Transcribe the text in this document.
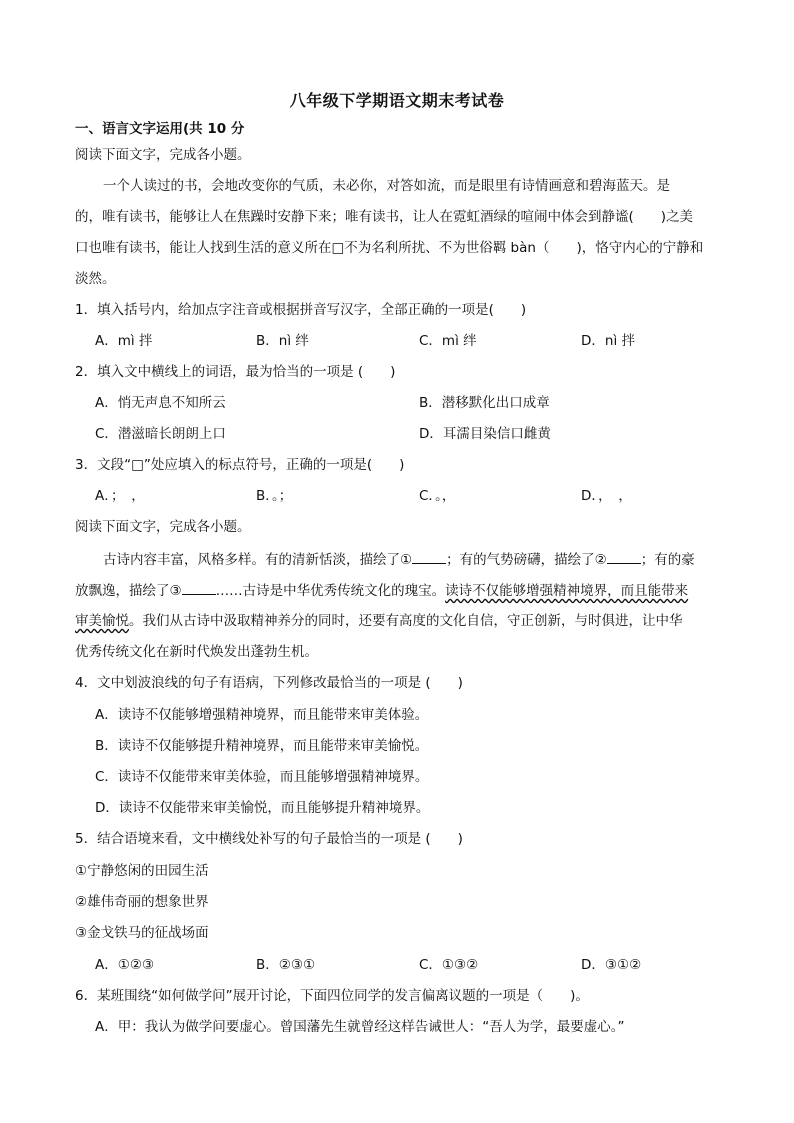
八年级下学期语文期末考试卷
一、语言文字运用(共 10 分
阅读下面文字，完成各小题。
一个人读过的书，会地改变你的气质，未必你，对答如流，而是眼里有诗情画意和碧海蓝天。是
的，唯有读书，能够让人在焦躁时安静下来；唯有读书，让人在霓虹酒绿的喧闹中体会到静谧(　　)之美
口也唯有读书，能让人找到生活的意义所在□不为名利所扰、不为世俗羁 bàn（　　)，恪守内心的宁静和
淡然。
1．填入括号内，给加点字注音或根据拼音写汉字，全部正确的一项是(　　)
A．mì 拌	B．nì 绊	C．mì 绊	D．nì 拌
2．填入文中横线上的词语，最为恰当的一项是 (　　)
A．悄无声息不知所云	B．潜移默化出口成章
C．潜滋暗长朗朗上口	D．耳濡目染信口雌黄
3．文段“□”处应填入的标点符号，正确的一项是(　　)
A．；　，	B．。；	C．。，	D．，　，
阅读下面文字，完成各小题。
古诗内容丰富，风格多样。有的清新恬淡，描绘了①	；有的气势磅礴，描绘了②	；有的豪
放飘逸，描绘了③	……古诗是中华优秀传统文化的瑰宝。读诗不仅能够增强精神境界，而且能带来
审美愉悦。我们从古诗中汲取精神养分的同时，还要有高度的文化自信，守正创新，与时俱进，让中华
优秀传统文化在新时代焕发出蓬勃生机。
4．文中划波浪线的句子有语病，下列修改最恰当的一项是 (　　)
A．读诗不仅能够增强精神境界，而且能带来审美体验。
B．读诗不仅能够提升精神境界，而且能带来审美愉悦。
C．读诗不仅能带来审美体验，而且能够增强精神境界。
D．读诗不仅能带来审美愉悦，而且能够提升精神境界。
5．结合语境来看，文中横线处补写的句子最恰当的一项是 (　　)
①宁静悠闲的田园生活
②雄伟奇丽的想象世界
③金戈铁马的征战场面
A．①②③	B．②③①	C．①③②	D．③①②
6．某班围绕“如何做学问”展开讨论，下面四位同学的发言偏离议题的一项是（　　)。
A．甲：我认为做学问要虚心。曾国藩先生就曾经这样告诫世人：“吾人为学，最要虚心。”
